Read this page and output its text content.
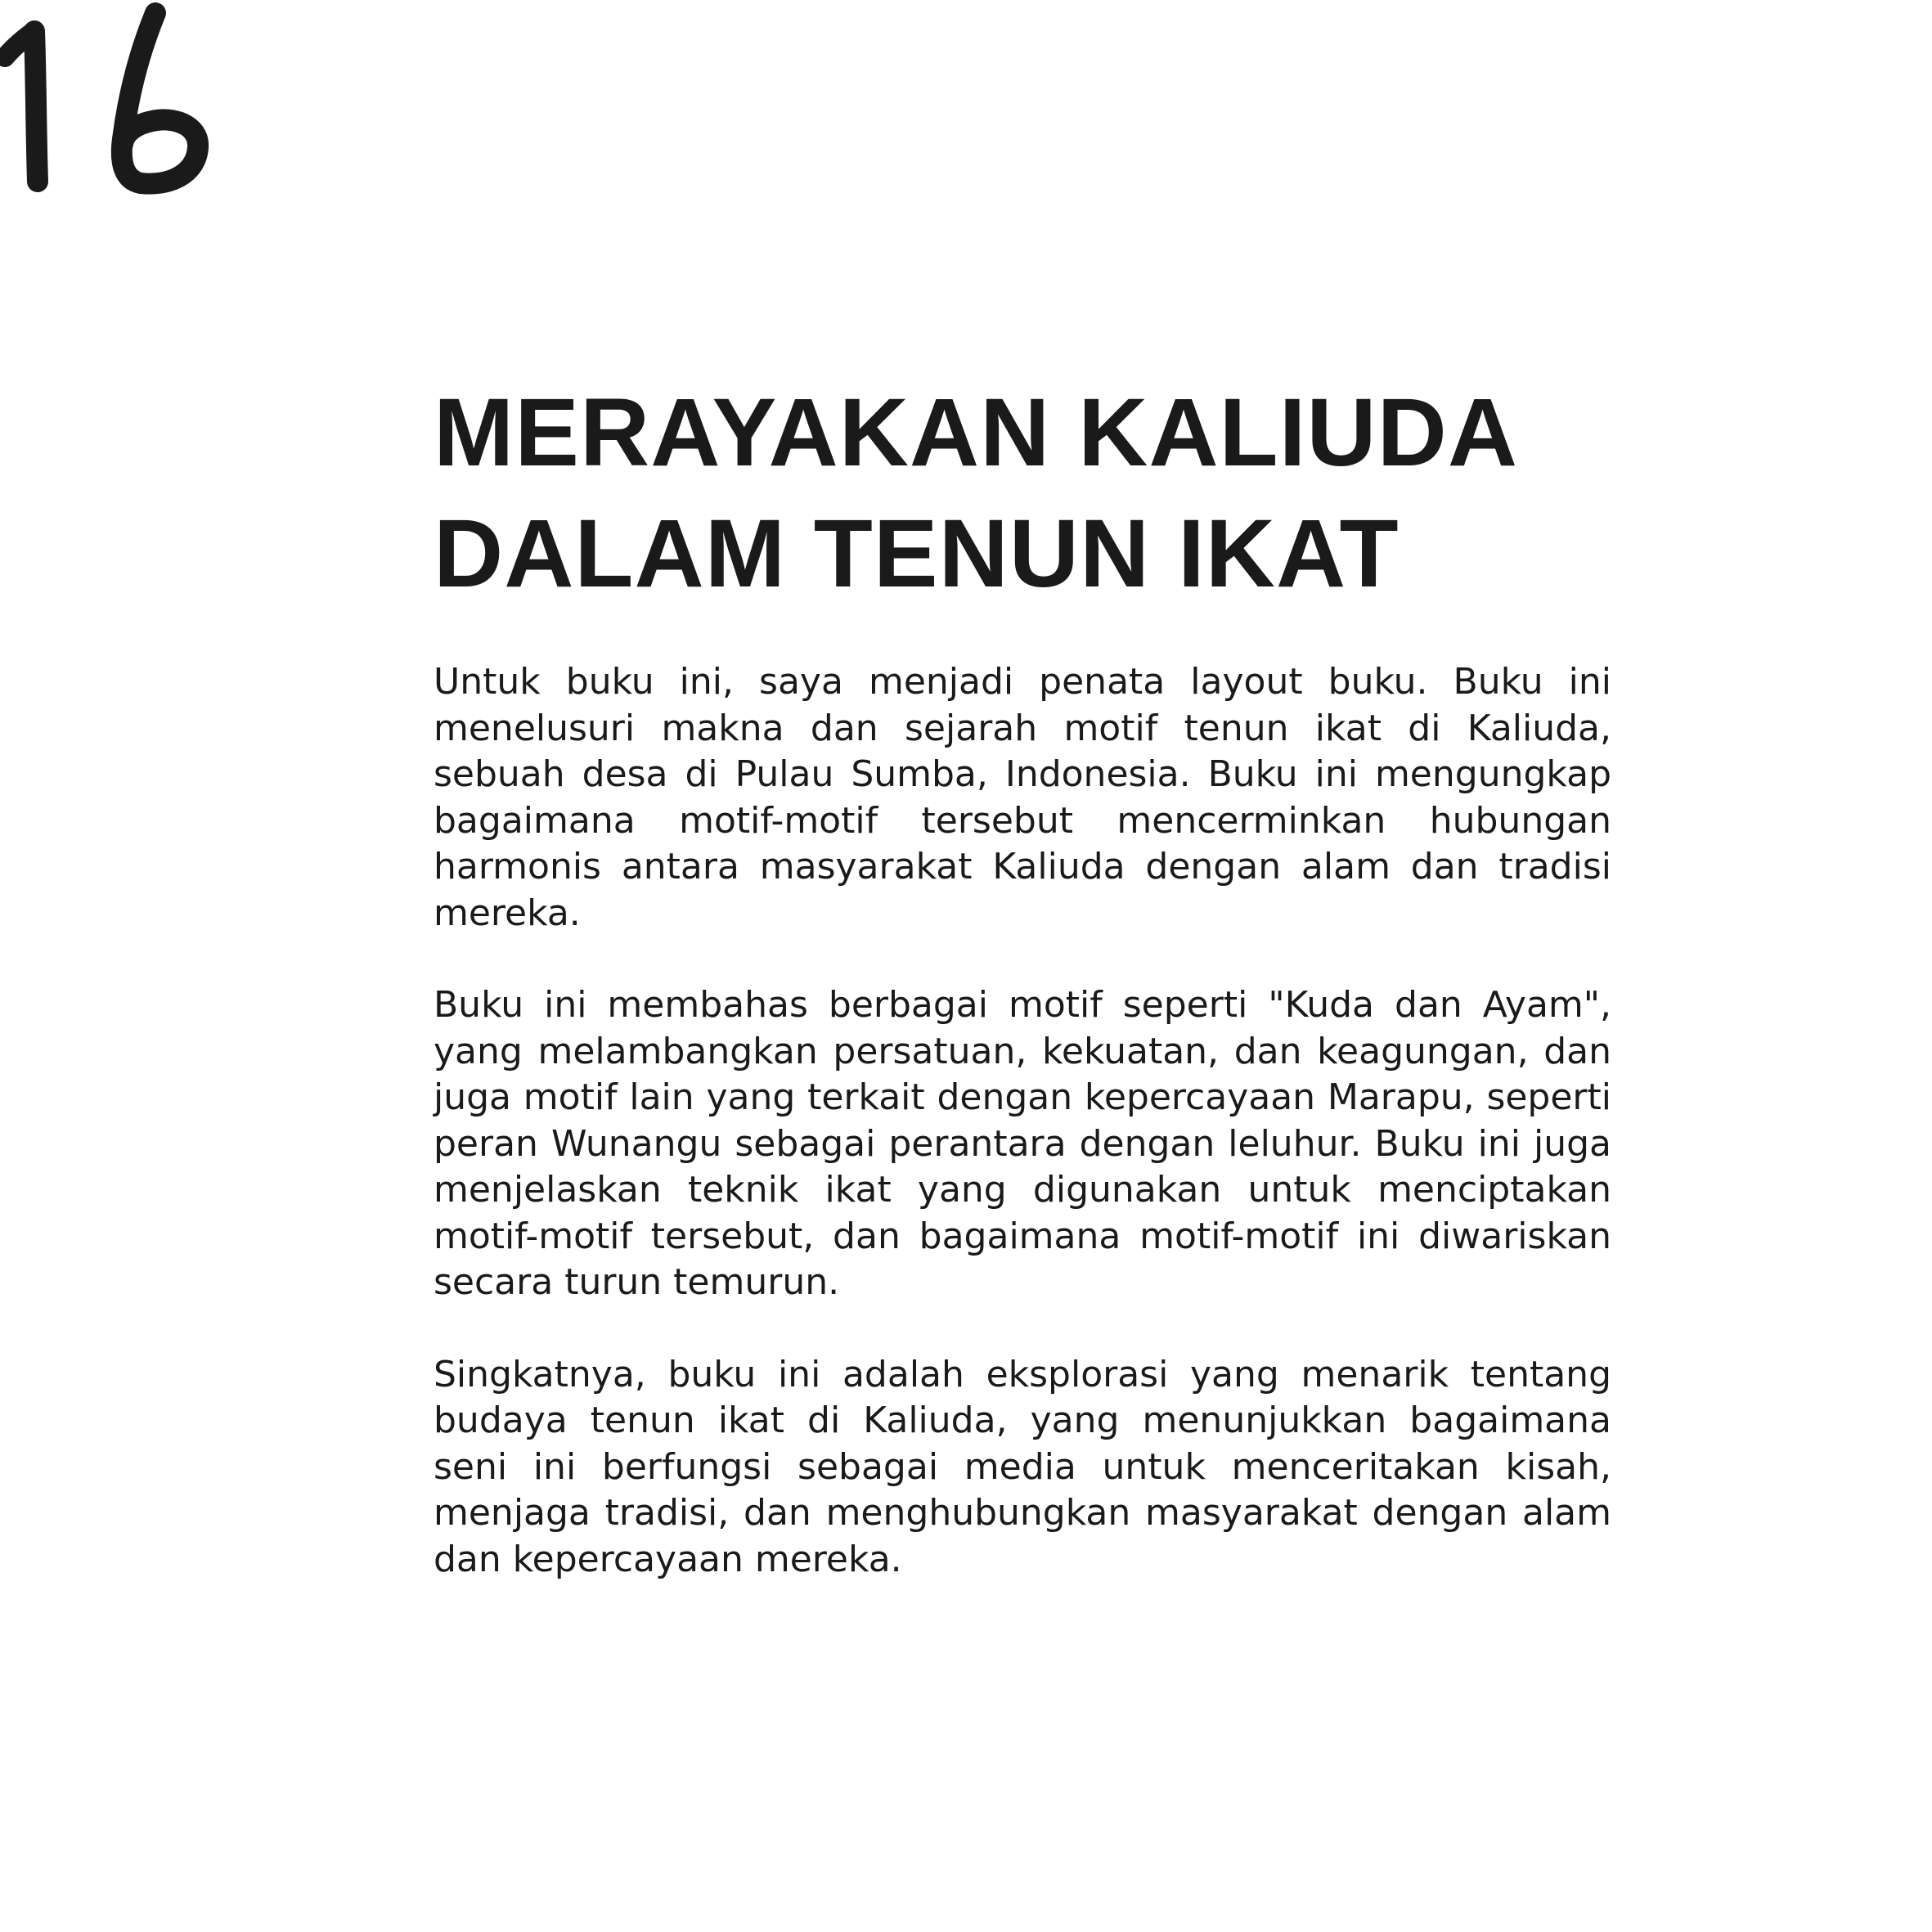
MERAYAKAN KALIUDA
DALAM TENUN IKAT

Untuk buku ini, saya menjadi penata layout buku. Buku ini menelusuri makna dan sejarah motif tenun ikat di Kaliuda, sebuah desa di Pulau Sumba, Indonesia. Buku ini mengungkap bagaimana motif-motif tersebut mencerminkan hubungan harmonis antara masyarakat Kaliuda dengan alam dan tradisi mereka.

Buku ini membahas berbagai motif seperti "Kuda dan Ayam", yang melambangkan persatuan, kekuatan, dan keagungan, dan juga motif lain yang terkait dengan kepercayaan Marapu, seperti peran Wunangu sebagai perantara dengan leluhur. Buku ini juga menjelaskan teknik ikat yang digunakan untuk menciptakan motif-motif tersebut, dan bagaimana motif-motif ini diwariskan secara turun temurun.

Singkatnya, buku ini adalah eksplorasi yang menarik tentang budaya tenun ikat di Kaliuda, yang menunjukkan bagaimana seni ini berfungsi sebagai media untuk menceritakan kisah, menjaga tradisi, dan menghubungkan masyarakat dengan alam dan kepercayaan mereka.
